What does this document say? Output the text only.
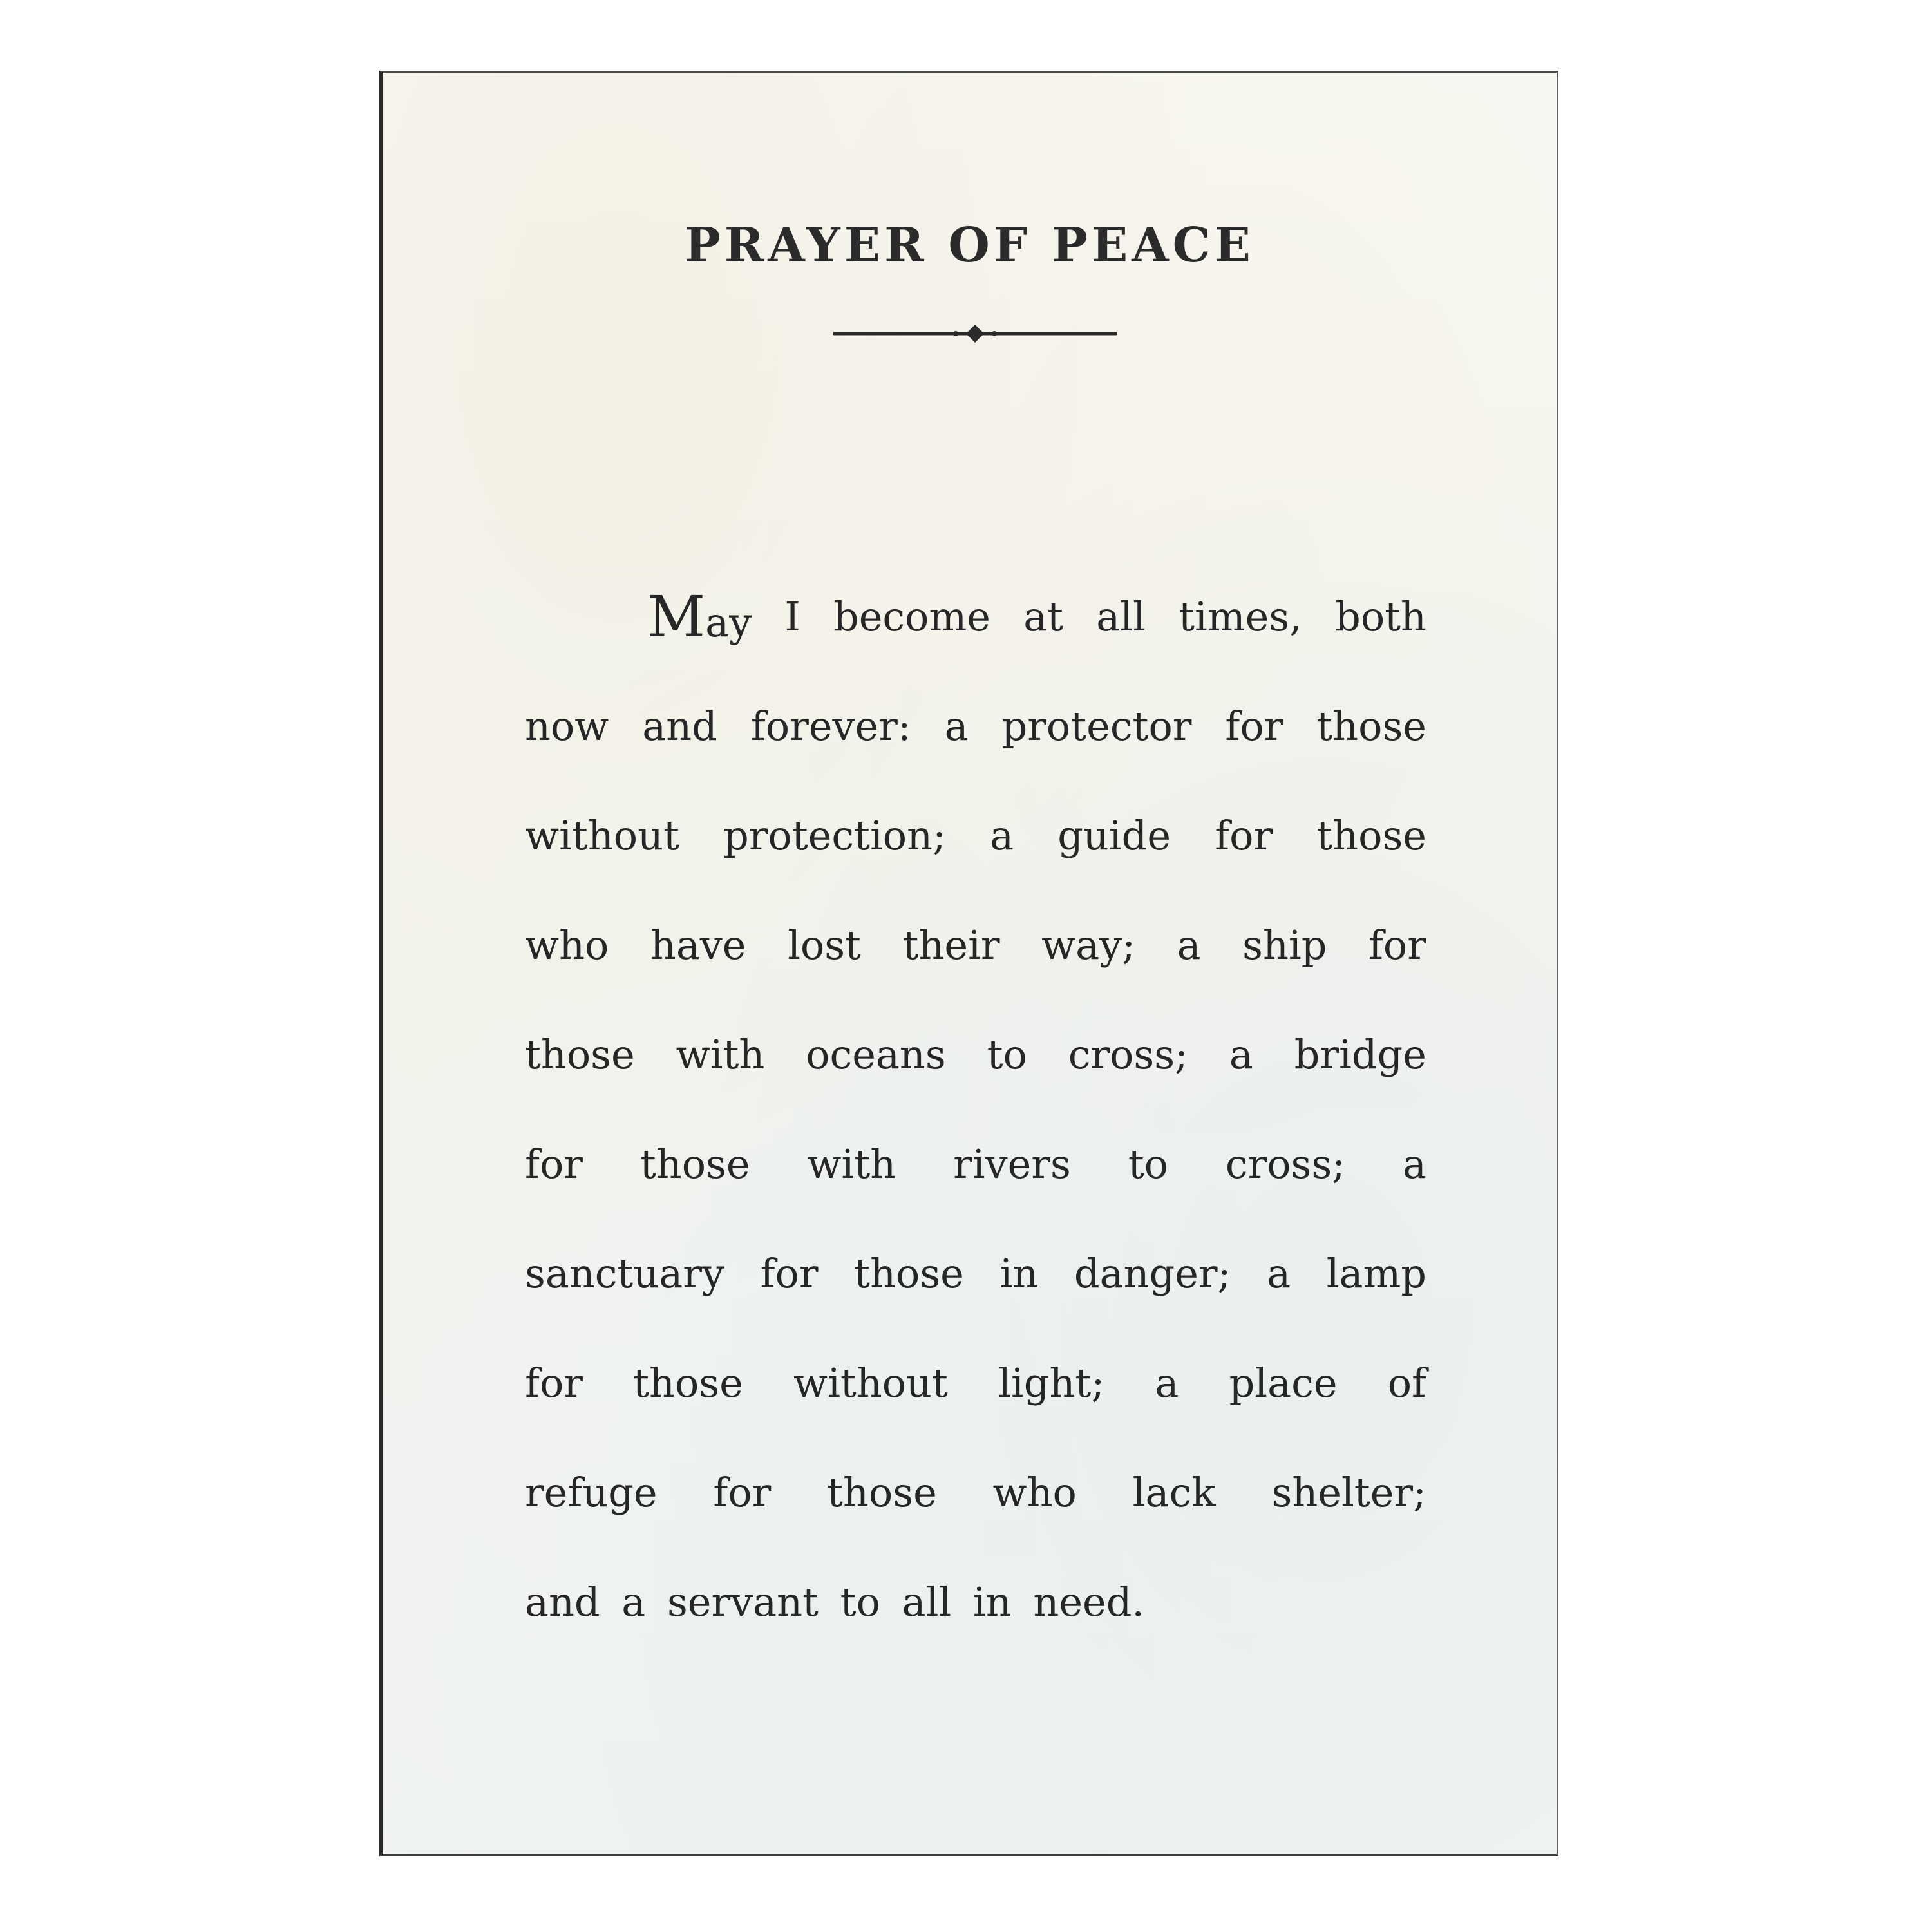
PRAYER OF PEACE
May I become at all times, both
now and forever: a protector for those
without protection; a guide for those
who have lost their way; a ship for
those with oceans to cross; a bridge
for those with rivers to cross; a
sanctuary for those in danger; a lamp
for those without light; a place of
refuge for those who lack shelter;
and a servant to all in need.
